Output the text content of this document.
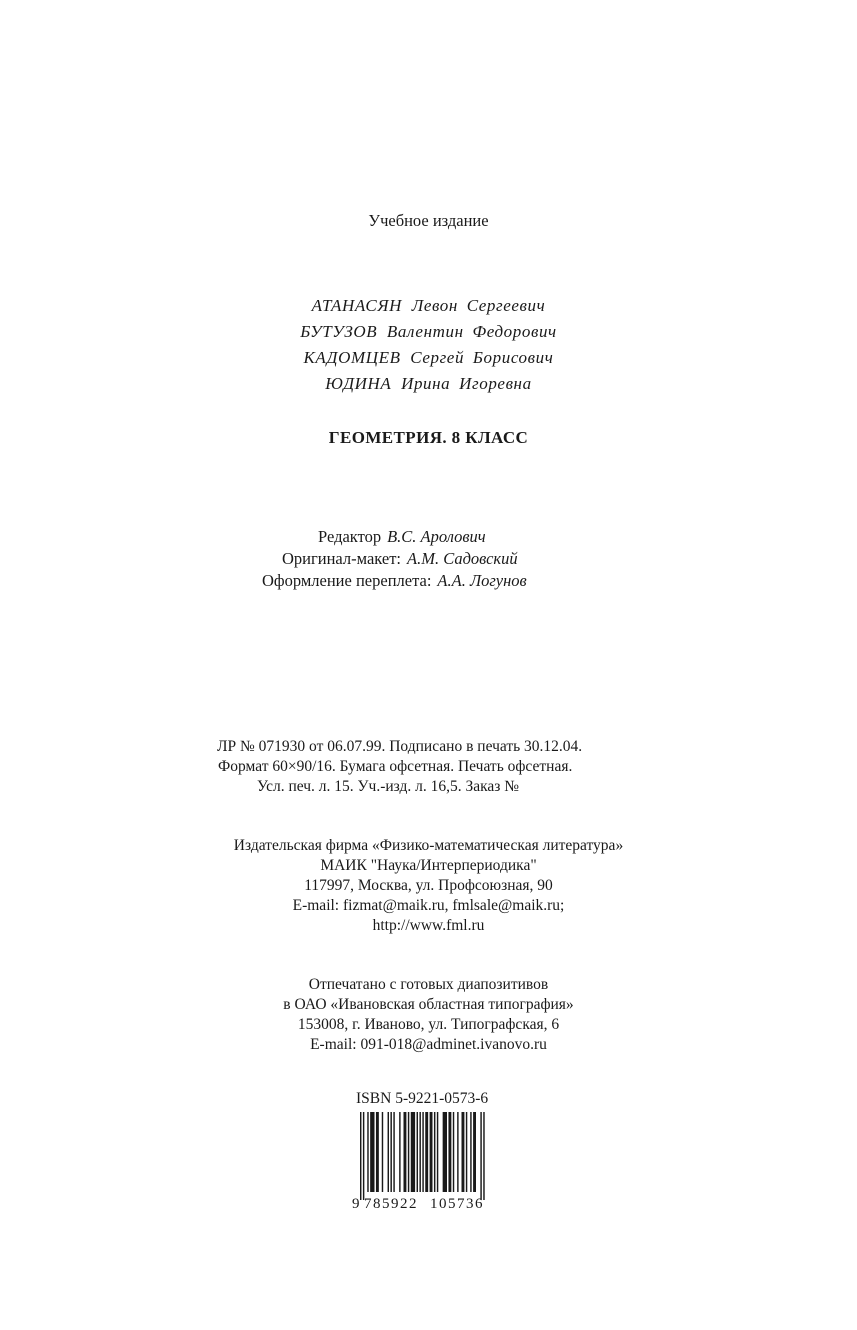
Учебное издание
АТАНАСЯН Левон Сергеевич
БУТУЗОВ Валентин Федорович
КАДОМЦЕВ Сергей Борисович
ЮДИНА Ирина Игоревна
ГЕОМЕТРИЯ. 8 КЛАСС
Редактор В.С. Аролович
Оригинал-макет: А.М. Садовский
Оформление переплета: А.А. Логунов
ЛР № 071930 от 06.07.99. Подписано в печать 30.12.04.
Формат 60×90/16. Бумага офсетная. Печать офсетная.
Усл. печ. л. 15. Уч.-изд. л. 16,5. Заказ №
Издательская фирма «Физико-математическая литература»
МАИК "Наука/Интерпериодика"
117997, Москва, ул. Профсоюзная, 90
E-mail: fizmat@maik.ru, fmlsale@maik.ru;
http://www.fml.ru
Отпечатано с готовых диапозитивов
в ОАО «Ивановская областная типография»
153008, г. Иваново, ул. Типографская, 6
E-mail: 091-018@adminet.ivanovo.ru
ISBN 5-9221-0573-6
9 785922 105736
